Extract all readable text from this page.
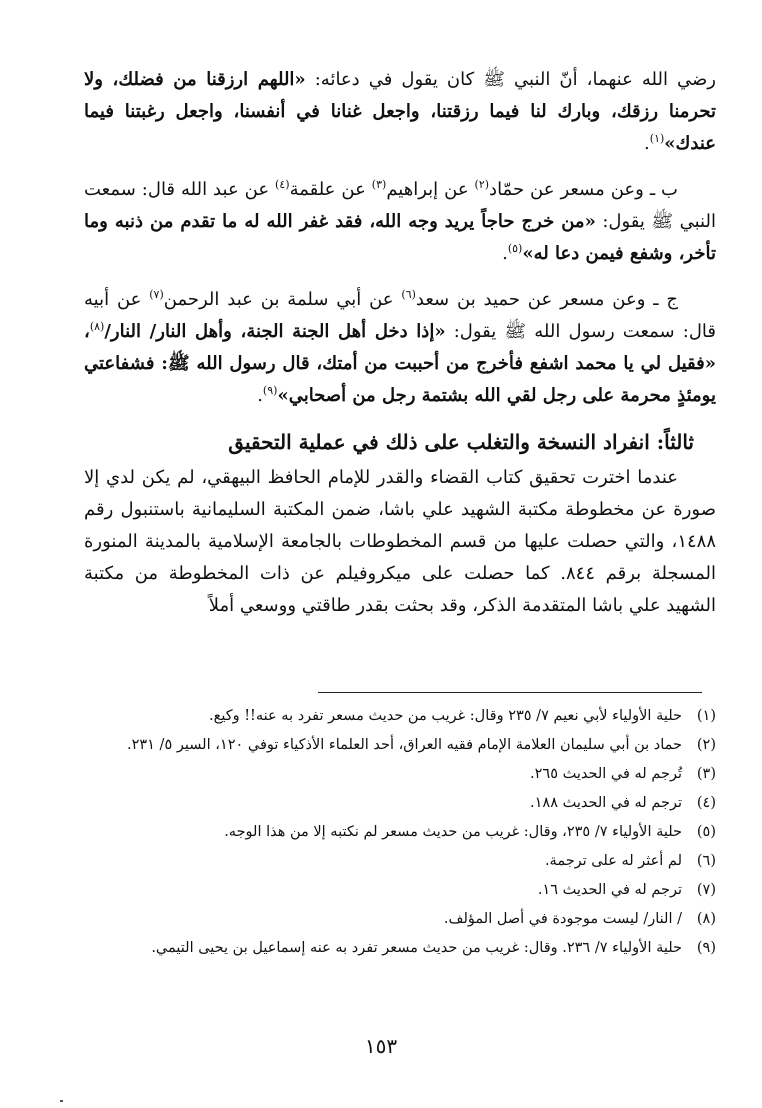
رضي الله عنهما، أنّ النبي ﷺ كان يقول في دعائه: «اللهم ارزقنا من فضلك، ولا تحرمنا رزقك، وبارك لنا فيما رزقتنا، واجعل غنانا في أنفسنا، واجعل رغبتنا فيما عندك»$^{(١)}$.

ب ـ وعن مسعر عن حمّاد$^{(٢)}$ عن إبراهيم$^{(٣)}$ عن علقمة$^{(٤)}$ عن عبد الله قال: سمعت النبي ﷺ يقول: «من خرج حاجاً يريد وجه الله، فقد غفر الله له ما تقدم من ذنبه وما تأخر، وشفع فيمن دعا له»$^{(٥)}$.

ج ـ وعن مسعر عن حميد بن سعد$^{(٦)}$ عن أبي سلمة بن عبد الرحمن$^{(٧)}$ عن أبيه قال: سمعت رسول الله ﷺ يقول: «إذا دخل أهل الجنة الجنة، وأهل النار/ النار/$^{(٨)}$، «فقيل لي يا محمد اشفع فأخرج من أحببت من أمتك، قال رسول الله ﷺ: فشفاعتي يومئذٍ محرمة على رجل لقي الله بشتمة رجل من أصحابي»$^{(٩)}$.

ثالثاً: انفراد النسخة والتغلب على ذلك في عملية التحقيق

عندما اخترت تحقيق كتاب القضاء والقدر للإمام الحافظ البيهقي، لم يكن لدي إلا صورة عن مخطوطة مكتبة الشهيد علي باشا، ضمن المكتبة السليمانية باستنبول رقم ١٤٨٨، والتي حصلت عليها من قسم المخطوطات بالجامعة الإسلامية بالمدينة المنورة المسجلة برقم ٨٤٤. كما حصلت على ميكروفيلم عن ذات المخطوطة من مكتبة الشهيد علي باشا المتقدمة الذكر، وقد بحثت بقدر طاقتي ووسعي أملاً

(١)
حلية الأولياء لأبي نعيم ٧/ ٢٣٥ وقال: غريب من حديث مسعر تفرد به عنه!! وكيع.
(٢)
حماد بن أبي سليمان العلامة الإمام فقيه العراق، أحد العلماء الأذكياء توفي ١٢٠، السير ٥/ ٢٣١.
(٣)
تُرجم له في الحديث ٢٦٥.
(٤)
ترجم له في الحديث ١٨٨.
(٥)
حلية الأولياء ٧/ ٢٣٥، وقال: غريب من حديث مسعر لم نكتبه إلا من هذا الوجه.
(٦)
لم أعثر له على ترجمة.
(٧)
ترجم له في الحديث ١٦.
(٨)
/ النار/ ليست موجودة في أصل المؤلف.
(٩)
حلية الأولياء ٧/ ٢٣٦. وقال: غريب من حديث مسعر تفرد به عنه إسماعيل بن يحيى التيمي.
١٥٣
